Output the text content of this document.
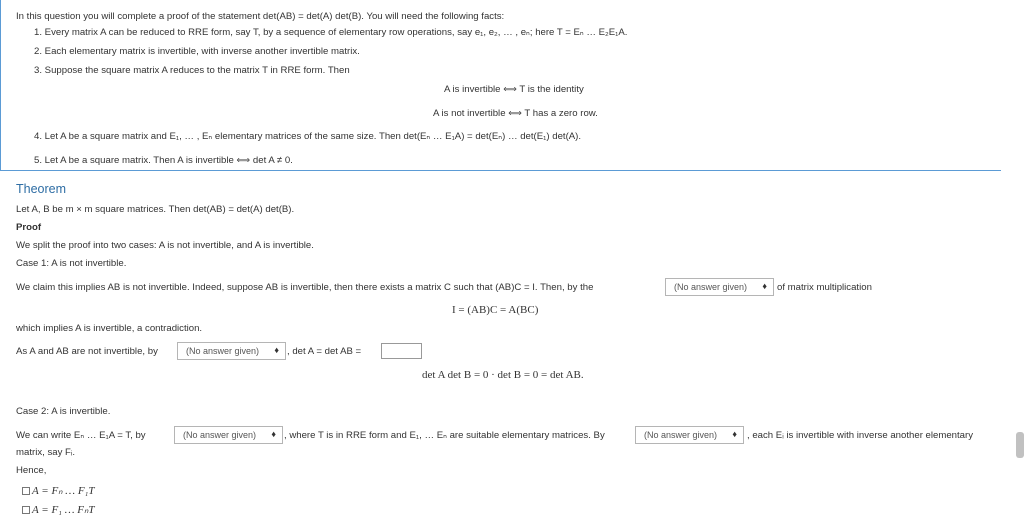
In this question you will complete a proof of the statement det(AB) = det(A) det(B). You will need the following facts:
1. Every matrix A can be reduced to RRE form, say T, by a sequence of elementary row operations, say e₁, e₂, … , eₙ; here T = Eₙ … E₂E₁A.
2. Each elementary matrix is invertible, with inverse another invertible matrix.
3. Suppose the square matrix A reduces to the matrix T in RRE form. Then
A is invertible ⟺ T is the identity
A is not invertible ⟺ T has a zero row.
4. Let A be a square matrix and E₁, … , Eₙ elementary matrices of the same size. Then det(Eₙ … E₁A) = det(Eₙ) … det(E₁) det(A).
5. Let A be a square matrix. Then A is invertible ⟺ det A ≠ 0.
Theorem
Let A, B be m × m square matrices. Then det(AB) = det(A) det(B).
Proof
We split the proof into two cases: A is not invertible, and A is invertible.
Case 1: A is not invertible.
We claim this implies AB is not invertible. Indeed, suppose AB is invertible, then there exists a matrix C such that (AB)C = I. Then, by the	(No answer given) ♦ of matrix multiplication
I = (AB)C = A(BC)
which implies A is invertible, a contradiction.
As A and AB are not invertible, by	(No answer given) ♦ , det A = det AB =
det A det B = 0 · det B = 0 = det AB.
Case 2: A is invertible.
We can write Eₙ … E₁A = T, by	(No answer given) ♦ , where T is in RRE form and E₁, … Eₙ are suitable elementary matrices. By	(No answer given) ♦ , each Eᵢ is invertible with inverse another elementary
matrix, say Fᵢ.
Hence,
A = Fₙ … F₁T
A = F₁ … FₙT
